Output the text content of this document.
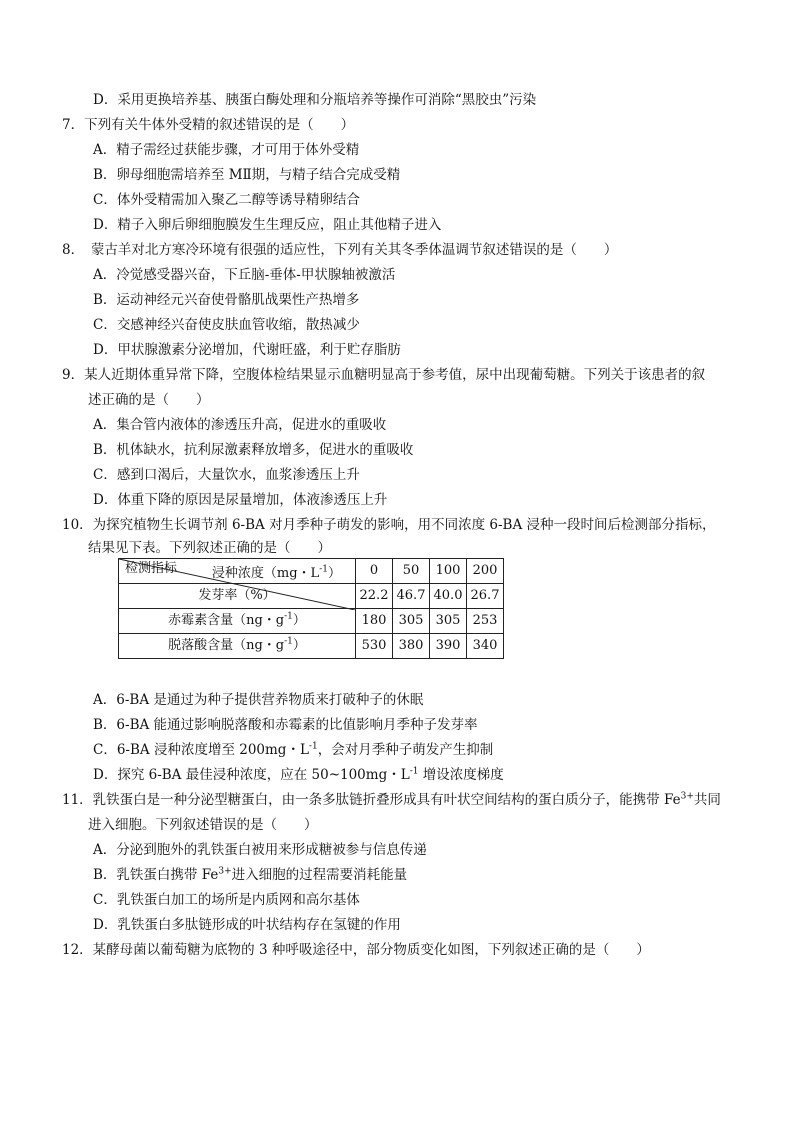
D．采用更换培养基、胰蛋白酶处理和分瓶培养等操作可消除“黑胶虫”污染
7．下列有关牛体外受精的叙述错误的是（　　）
A．精子需经过获能步骤，才可用于体外受精
B．卵母细胞需培养至 MⅡ期，与精子结合完成受精
C．体外受精需加入聚乙二醇等诱导精卵结合
D．精子入卵后卵细胞膜发生生理反应，阻止其他精子进入
8．　蒙古羊对北方寒冷环境有很强的适应性，下列有关其冬季体温调节叙述错误的是（　　）
A．冷觉感受器兴奋，下丘脑-垂体-甲状腺轴被激活
B．运动神经元兴奋使骨骼肌战栗性产热增多
C．交感神经兴奋使皮肤血管收缩，散热减少
D．甲状腺激素分泌增加，代谢旺盛，利于贮存脂肪
9．某人近期体重异常下降，空腹体检结果显示血糖明显高于参考值，尿中出现葡萄糖。下列关于该患者的叙
述正确的是（　　）
A．集合管内液体的渗透压升高，促进水的重吸收
B．机体缺水，抗利尿激素释放增多，促进水的重吸收
C．感到口渴后，大量饮水，血浆渗透压上升
D．体重下降的原因是尿量增加，体液渗透压上升
10．为探究植物生长调节剂 6-BA 对月季种子萌发的影响，用不同浓度 6-BA 浸种一段时间后检测部分指标，
结果见下表。下列叙述正确的是（　　）
浸种浓度（mg・$L^{-1}$）
检测指标	0	50	100	200
发芽率（%）	22.2	46.7	40.0	26.7
赤霉素含量（ng・$g^{-1}$）	180	305	305	253
脱落酸含量（ng・$g^{-1}$）	530	380	390	340
A．6-BA 是通过为种子提供营养物质来打破种子的休眠
B．6-BA 能通过影响脱落酸和赤霉素的比值影响月季种子发芽率
C．6-BA 浸种浓度增至 200mg・$L^{-1}$，会对月季种子萌发产生抑制
D．探究 6-BA 最佳浸种浓度，应在 50~100mg・$L^{-1}$ 增设浓度梯度
11．乳铁蛋白是一种分泌型糖蛋白，由一条多肽链折叠形成具有叶状空间结构的蛋白质分子，能携带 $Fe^{3+}$共同
进入细胞。下列叙述错误的是（　　）
A．分泌到胞外的乳铁蛋白被用来形成糖被参与信息传递
B．乳铁蛋白携带 $Fe^{3+}$进入细胞的过程需要消耗能量
C．乳铁蛋白加工的场所是内质网和高尔基体
D．乳铁蛋白多肽链形成的叶状结构存在氢键的作用
12．某酵母菌以葡萄糖为底物的 3 种呼吸途径中，部分物质变化如图，下列叙述正确的是（　　）
